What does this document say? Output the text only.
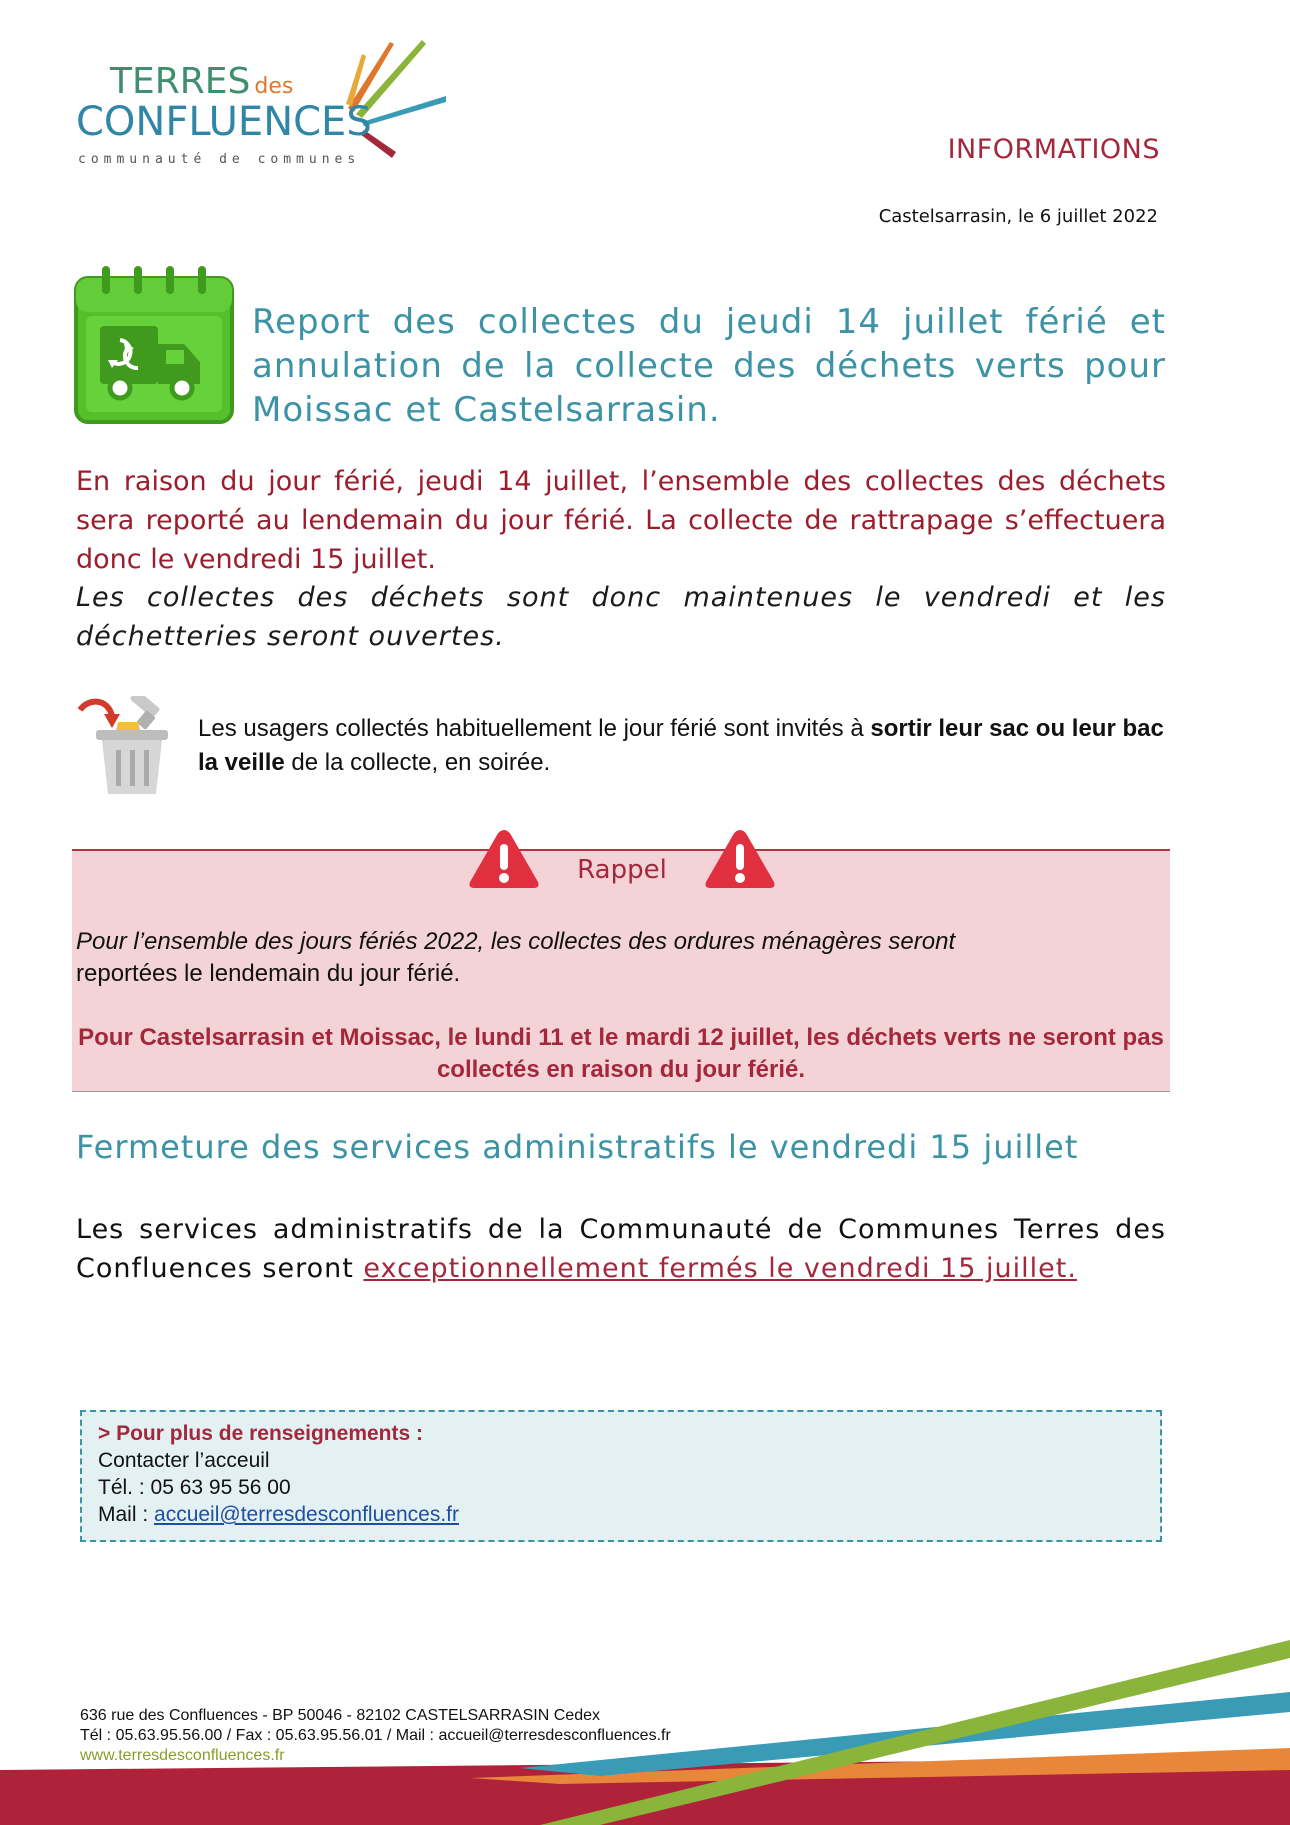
TERRES des
CONFLUENCES
communauté de communes	INFORMATIONS
Castelsarrasin, le 6 juillet 2022
Report des collectes du jeudi 14 juillet férié et annulation de la collecte des déchets verts pour Moissac et Castelsarrasin.
En raison du jour férié, jeudi 14 juillet, l’ensemble des collectes des déchets sera reporté au lendemain du jour férié. La collecte de rattrapage s’effectuera donc le vendredi 15 juillet.
Les collectes des déchets sont donc maintenues le vendredi et les déchetteries seront ouvertes.
Les usagers collectés habituellement le jour férié sont invités à sortir leur sac ou leur bac la veille de la collecte, en soirée.
Rappel
Pour l’ensemble des jours fériés 2022, les collectes des ordures ménagères seront
reportées le lendemain du jour férié.
Pour Castelsarrasin et Moissac, le lundi 11 et le mardi 12 juillet, les déchets verts ne seront pas collectés en raison du jour férié.
Fermeture des services administratifs le vendredi 15 juillet
Les services administratifs de la Communauté de Communes Terres des Confluences seront exceptionnellement fermés le vendredi 15 juillet.
> Pour plus de renseignements :
Contacter l’acceuil
Tél. : 05 63 95 56 00
Mail : accueil@terresdesconfluences.fr
636 rue des Confluences - BP 50046 - 82102 CASTELSARRASIN Cedex
Tél : 05.63.95.56.00 / Fax : 05.63.95.56.01 / Mail : accueil@terresdesconfluences.fr
www.terresdesconfluences.fr
